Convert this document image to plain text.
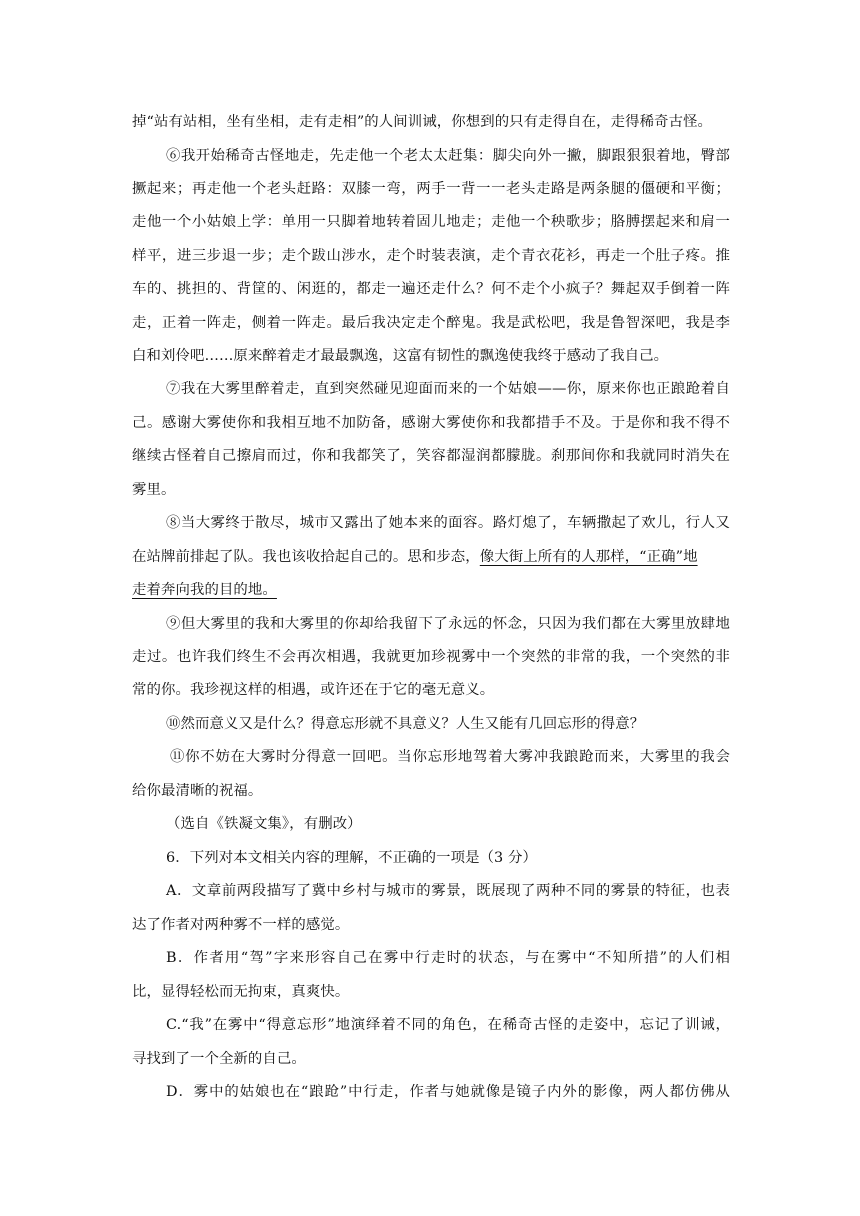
掉“站有站相，坐有坐相，走有走相”的人间训诫，你想到的只有走得自在，走得稀奇古怪。
⑥我开始稀奇古怪地走，先走他一个老太太赶集：脚尖向外一撇，脚跟狠狠着地，臀部
撅起来；再走他一个老头赶路：双膝一弯，两手一背一一老头走路是两条腿的僵硬和平衡；
走他一个小姑娘上学：单用一只脚着地转着固儿地走；走他一个秧歌步；胳膊摆起来和肩一
样平，进三步退一步；走个跋山涉水，走个时装表演，走个青衣花衫，再走一个肚子疼。推
车的、挑担的、背筐的、闲逛的，都走一遍还走什么？何不走个小疯子？舞起双手倒着一阵
走，正着一阵走，侧着一阵走。最后我决定走个醉鬼。我是武松吧，我是鲁智深吧，我是李
白和刘伶吧……原来醉着走才最最飘逸，这富有韧性的飘逸使我终于感动了我自己。
⑦我在大雾里醉着走，直到突然碰见迎面而来的一个姑娘——你，原来你也正踉跄着自
己。感谢大雾使你和我相互地不加防备，感谢大雾使你和我都措手不及。于是你和我不得不
继续古怪着自己擦肩而过，你和我都笑了，笑容都湿润都朦胧。刹那间你和我就同时消失在
雾里。
⑧当大雾终于散尽，城市又露出了她本来的面容。路灯熄了，车辆撒起了欢儿，行人又
在站牌前排起了队。我也该收拾起自己的。思和步态，像大街上所有的人那样，“正确”地
走着奔向我的目的地。
⑨但大雾里的我和大雾里的你却给我留下了永远的怀念，只因为我们都在大雾里放肆地
走过。也许我们终生不会再次相遇，我就更加珍视雾中一个突然的非常的我，一个突然的非
常的你。我珍视这样的相遇，或许还在于它的毫无意义。
⑩然而意义又是什么？得意忘形就不具意义？人生又能有几回忘形的得意？
⑪你不妨在大雾时分得意一回吧。当你忘形地驾着大雾冲我踉跄而来，大雾里的我会
给你最清晰的祝福。
（选自《铁凝文集》，有删改）
6．下列对本文相关内容的理解，不正确的一项是（3 分）
A．文章前两段描写了冀中乡村与城市的雾景，既展现了两种不同的雾景的特征，也表
达了作者对两种雾不一样的感觉。
B．作者用“驾”字来形容自己在雾中行走时的状态，与在雾中“不知所措”的人们相
比，显得轻松而无拘束，真爽快。
C.“我”在雾中“得意忘形”地演绎着不同的角色，在稀奇古怪的走姿中，忘记了训诫，
寻找到了一个全新的自己。
D．雾中的姑娘也在“踉跄”中行走，作者与她就像是镜子内外的影像，两人都仿佛从
